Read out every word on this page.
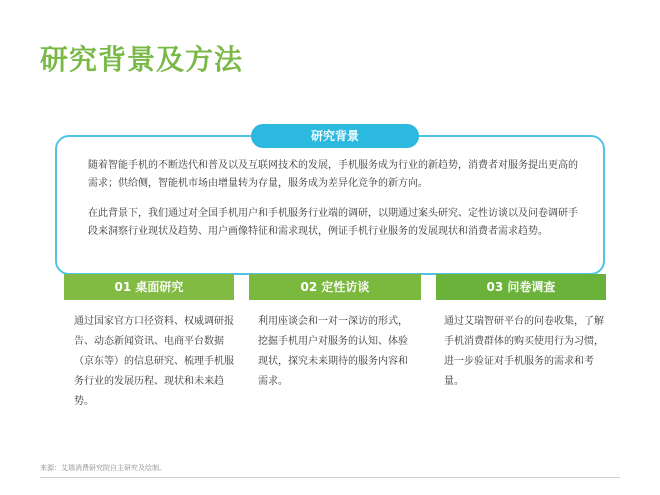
研究背景及方法
研究背景
随着智能手机的不断迭代和普及以及互联网技术的发展，手机服务成为行业的新趋势，消费者对服务提出更高的需求；供给侧，智能机市场由增量转为存量，服务成为差异化竞争的新方向。
在此背景下，我们通过对全国手机用户和手机服务行业端的调研，以期通过案头研究、定性访谈以及问卷调研手段来洞察行业现状及趋势、用户画像特征和需求现状，例证手机行业服务的发展现状和消费者需求趋势。
01 桌面研究	02 定性访谈	03 问卷调查
通过国家官方口径资料、权威调研报告、动态新闻资讯、电商平台数据（京东等）的信息研究、梳理手机服务行业的发展历程、现状和未来趋势。
利用座谈会和一对一深访的形式，挖掘手机用户对服务的认知、体验现状，探究未来期待的服务内容和需求。
通过艾瑞智研平台的问卷收集，了解手机消费群体的购买使用行为习惯，进一步验证对手机服务的需求和考量。
来源：艾瑞消费研究院自主研究及绘制。
